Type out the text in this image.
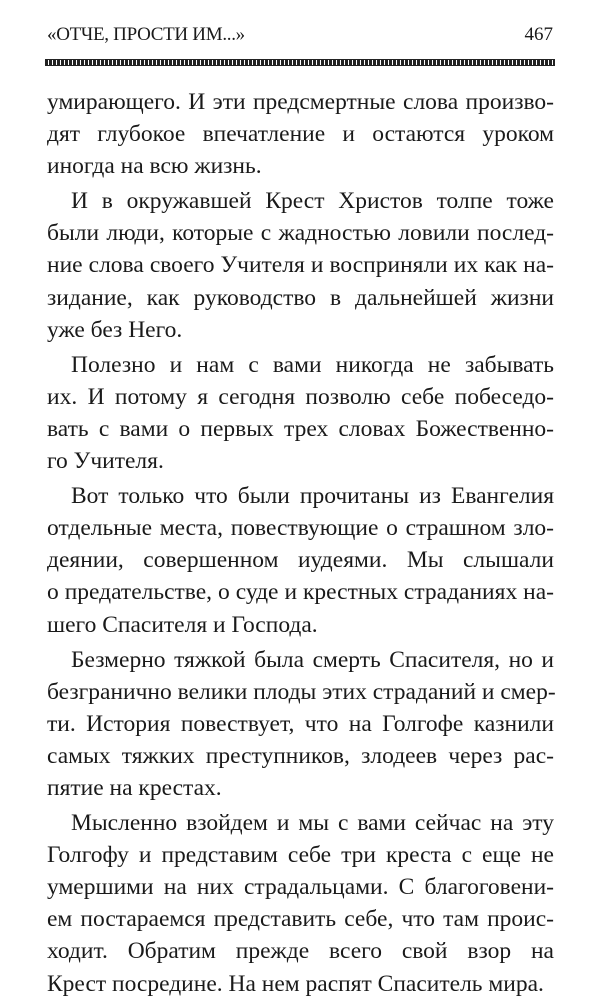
«ОТЧЕ, ПРОСТИ ИМ...»	467
умирающего. И эти предсмертные слова произво-
дят глубокое впечатление и остаются уроком
иногда на всю жизнь.
И в окружавшей Крест Христов толпе тоже
были люди, которые с жадностью ловили послед-
ние слова своего Учителя и восприняли их как на-
зидание, как руководство в дальнейшей жизни
уже без Него.
Полезно и нам с вами никогда не забывать
их. И потому я сегодня позволю себе побеседо-
вать с вами о первых трех словах Божественно-
го Учителя.
Вот только что были прочитаны из Евангелия
отдельные места, повествующие о страшном зло-
деянии, совершенном иудеями. Мы слышали
о предательстве, о суде и крестных страданиях на-
шего Спасителя и Господа.
Безмерно тяжкой была смерть Спасителя, но и
безгранично велики плоды этих страданий и смер-
ти. История повествует, что на Голгофе казнили
самых тяжких преступников, злодеев через рас-
пятие на крестах.
Мысленно взойдем и мы с вами сейчас на эту
Голгофу и представим себе три креста с еще не
умершими на них страдальцами. С благоговени-
ем постараемся представить себе, что там проис-
ходит. Обратим прежде всего свой взор на
Крест посредине. На нем распят Спаситель мира.
